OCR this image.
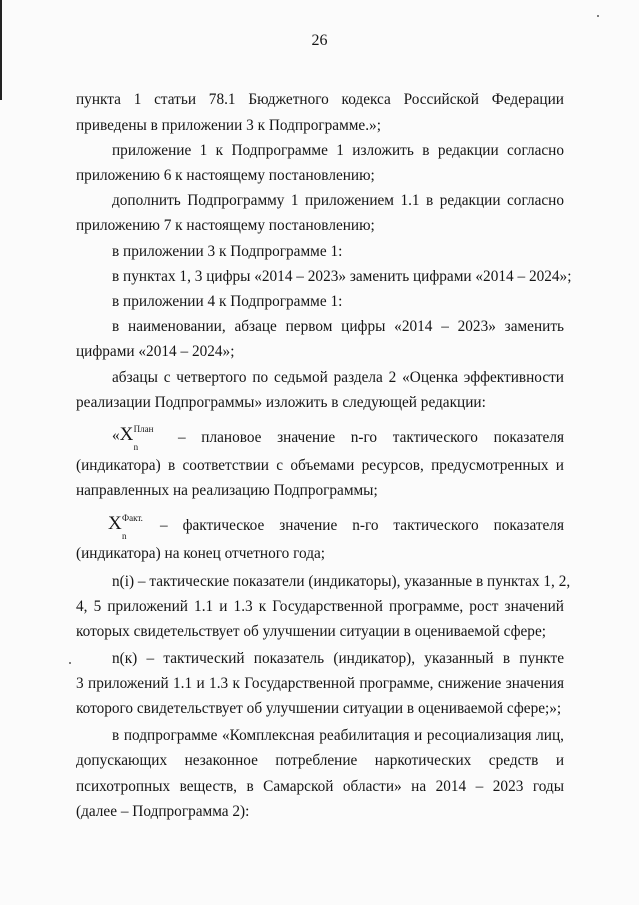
26
пункта 1 статьи 78.1 Бюджетного кодекса Российской Федерации
приведены в приложении 3 к Подпрограмме.»;
приложение 1 к Подпрограмме 1 изложить в редакции согласно
приложению 6 к настоящему постановлению;
дополнить Подпрограмму 1 приложением 1.1 в редакции согласно
приложению 7 к настоящему постановлению;
в приложении 3 к Подпрограмме 1:
в пунктах 1, 3 цифры «2014 – 2023» заменить цифрами «2014 – 2024»;
в приложении 4 к Подпрограмме 1:
в наименовании, абзаце первом цифры «2014 – 2023» заменить
цифрами «2014 – 2024»;
абзацы с четвертого по седьмой раздела 2 «Оценка эффективности
реализации Подпрограммы» изложить в следующей редакции:
«X План
n
– плановое значение n-го тактического показателя
(индикатора) в соответствии с объемами ресурсов, предусмотренных и
направленных на реализацию Подпрограммы;
X Факт.
n
– фактическое значение n-го тактического показателя
(индикатора) на конец отчетного года;
n(i) – тактические показатели (индикаторы), указанные в пунктах 1, 2,
4, 5 приложений 1.1 и 1.3 к Государственной программе, рост значений
которых свидетельствует об улучшении ситуации в оцениваемой сфере;
n(к) – тактический показатель (индикатор), указанный в пункте
3 приложений 1.1 и 1.3 к Государственной программе, снижение значения
которого свидетельствует об улучшении ситуации в оцениваемой сфере;»;
в подпрограмме «Комплексная реабилитация и ресоциализация лиц,
допускающих незаконное потребление наркотических средств и
психотропных веществ, в Самарской области» на 2014 – 2023 годы
(далее – Подпрограмма 2):
